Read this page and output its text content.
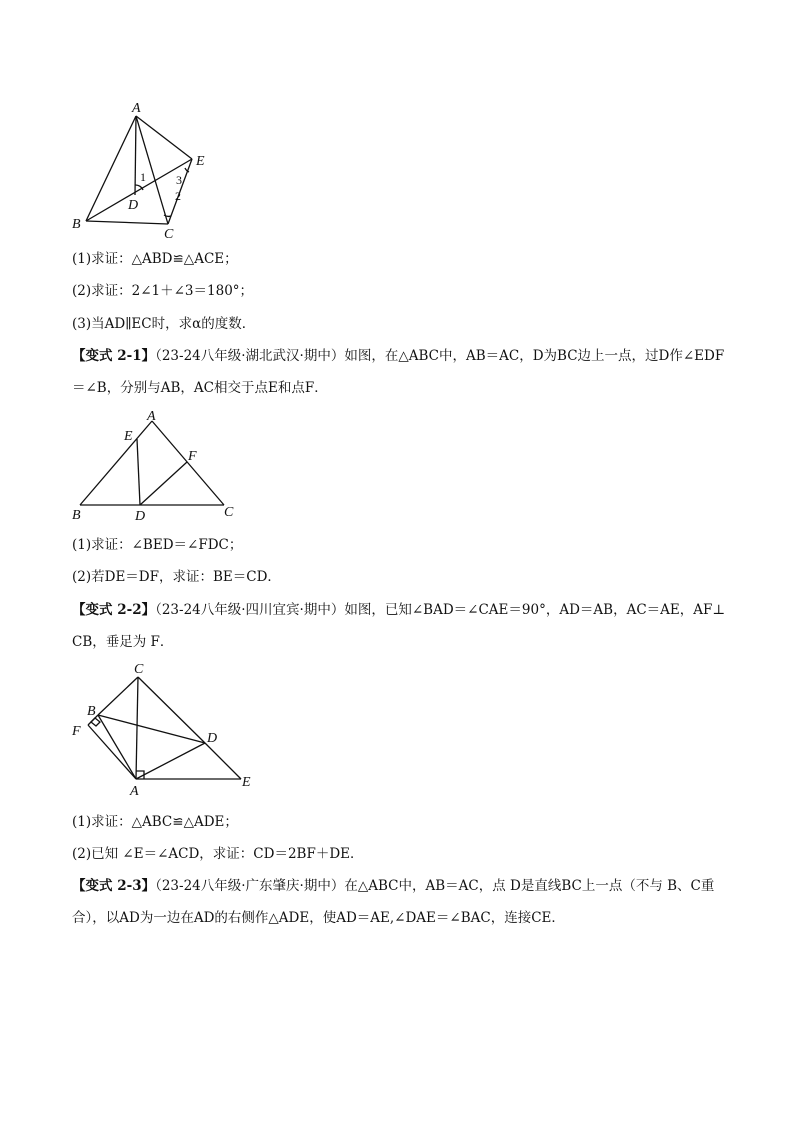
A
B
C
D
E
1
2
3
(1)求证：△ABD≌△ACE；
(2)求证：2∠1＋∠3＝180°；
(3)当AD∥EC时，求α的度数．
【变式 2-1】（23-24八年级·湖北武汉·期中）如图，在△ABC中，AB＝AC，D为BC边上一点，过D作∠EDF
＝∠B，分别与AB，AC相交于点E和点F．
A
B	C
D
E
F
(1)求证：∠BED＝∠FDC；
(2)若DE＝DF，求证：BE＝CD．
【变式 2-2】（23-24八年级·四川宜宾·期中）如图，已知∠BAD＝∠CAE＝90°，AD＝AB，AC＝AE，AF⊥
CB，垂足为 F．
C
B
F	D
A
E
(1)求证：△ABC≌△ADE；
(2)已知 ∠E＝∠ACD，求证：CD＝2BF＋DE．
【变式 2-3】（23-24八年级·广东肇庆·期中）在△ABC中，AB＝AC，点 D是直线BC上一点（不与 B、C重
合），以AD为一边在AD的右侧作△ADE，使AD＝AE,∠DAE＝∠BAC，连接CE．
